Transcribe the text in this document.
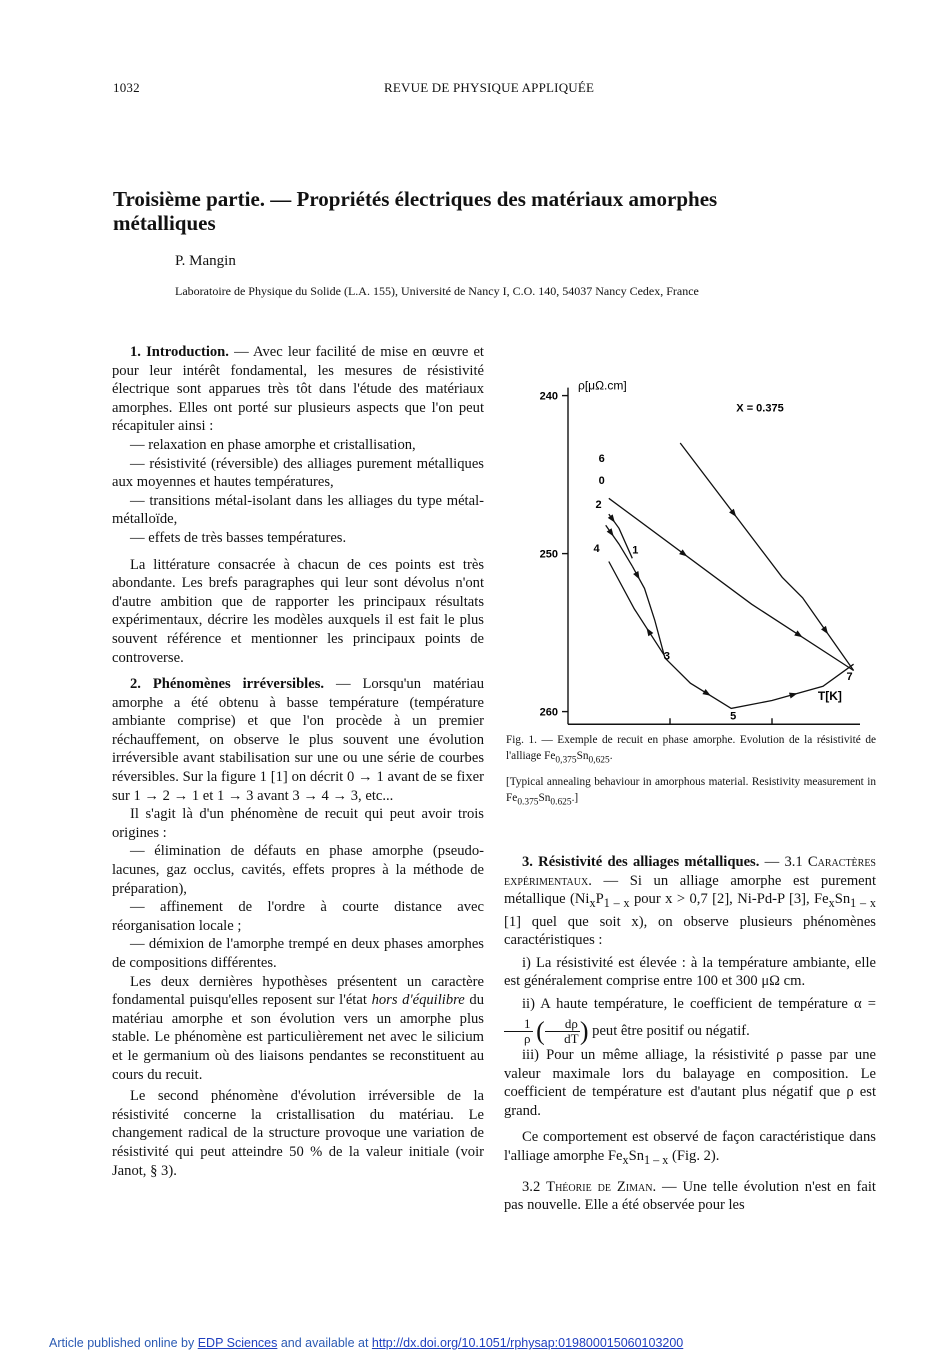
1032	REVUE DE PHYSIQUE APPLIQUÉE
Troisième partie. — Propriétés électriques des matériaux amorphes métalliques
P. Mangin
Laboratoire de Physique du Solide (L.A. 155), Université de Nancy I, C.O. 140, 54037 Nancy Cedex, France

1. Introduction. — Avec leur facilité de mise en œuvre et pour leur intérêt fondamental, les mesures de résistivité électrique sont apparues très tôt dans l'étude des matériaux amorphes. Elles ont porté sur plusieurs aspects que l'on peut récapituler ainsi :

— relaxation en phase amorphe et cristallisation,

— résistivité (réversible) des alliages purement métalliques aux moyennes et hautes températures,

— transitions métal-isolant dans les alliages du type métal-métalloïde,

— effets de très basses températures.

La littérature consacrée à chacun de ces points est très abondante. Les brefs paragraphes qui leur sont dévolus n'ont d'autre ambition que de rapporter les principaux résultats expérimentaux, décrire les modèles auxquels il est fait le plus souvent référence et mentionner les principaux points de controverse.

2. Phénomènes irréversibles. — Lorsqu'un matériau amorphe a été obtenu à basse température (température ambiante comprise) et que l'on procède à un premier réchauffement, on observe le plus souvent une évolution irréversible avant stabilisation sur une ou une série de courbes réversibles. Sur la figure 1 [1] on décrit 0 → 1 avant de se fixer sur 1 → 2 → 1 et 1 → 3 avant 3 → 4 → 3, etc...

Il s'agit là d'un phénomène de recuit qui peut avoir trois origines :

— élimination de défauts en phase amorphe (pseudo-lacunes, gaz occlus, cavités, effets propres à la méthode de préparation),

— affinement de l'ordre à courte distance avec réorganisation locale ;

— démixion de l'amorphe trempé en deux phases amorphes de compositions différentes.

Les deux dernières hypothèses présentent un caractère fondamental puisqu'elles reposent sur l'état hors d'équilibre du matériau amorphe et son évolution vers un amorphe plus stable. Le phénomène est particulièrement net avec le silicium et le germanium où des liaisons pendantes se reconstituent au cours du recuit.

Le second phénomène d'évolution irréversible de la résistivité concerne la cristallisation du matériau. Le changement radical de la structure provoque une variation de résistivité qui peut atteindre 50 % de la valeur initiale (voir Janot, § 3).

260
250
240
ρ[μΩ.cm]
T[K]
X = 0.375
6
0
2
1
4
3
5
7

Fig. 1. — Exemple de recuit en phase amorphe. Evolution de la résistivité de l'alliage $Fe_{0,375}Sn_{0,625}$.

[Typical annealing behaviour in amorphous material. Resistivity measurement in $Fe_{0.375}Sn_{0.625}$.]

3. Résistivité des alliages métalliques. — 3.1 Caractères expérimentaux. — Si un alliage amorphe est purement métallique ($Ni_xP_{1 - x}$ pour x > 0,7 [2], Ni-Pd-P [3], $Fe_xSn_{1 - x}$ [1] quel que soit x), on observe plusieurs phénomènes caractéristiques :

i) La résistivité est élevée : à la température ambiante, elle est généralement comprise entre 100 et 300 μΩ cm.

ii) A haute température, le coefficient de température α =
$\frac{1}{\rho}$ ( $\frac{d\rho}{dT}$ ) peut être positif ou négatif.

iii) Pour un même alliage, la résistivité ρ passe par une valeur maximale lors du balayage en composition. Le coefficient de température est d'autant plus négatif que ρ est grand.

Ce comportement est observé de façon caractéristique dans l'alliage amorphe $Fe_xSn_{1 - x}$ (Fig. 2).

3.2 Théorie de Ziman. — Une telle évolution n'est en fait pas nouvelle. Elle a été observée pour les

Article published online by EDP Sciences and available at http://dx.doi.org/10.1051/rphysap:019800015060103200
